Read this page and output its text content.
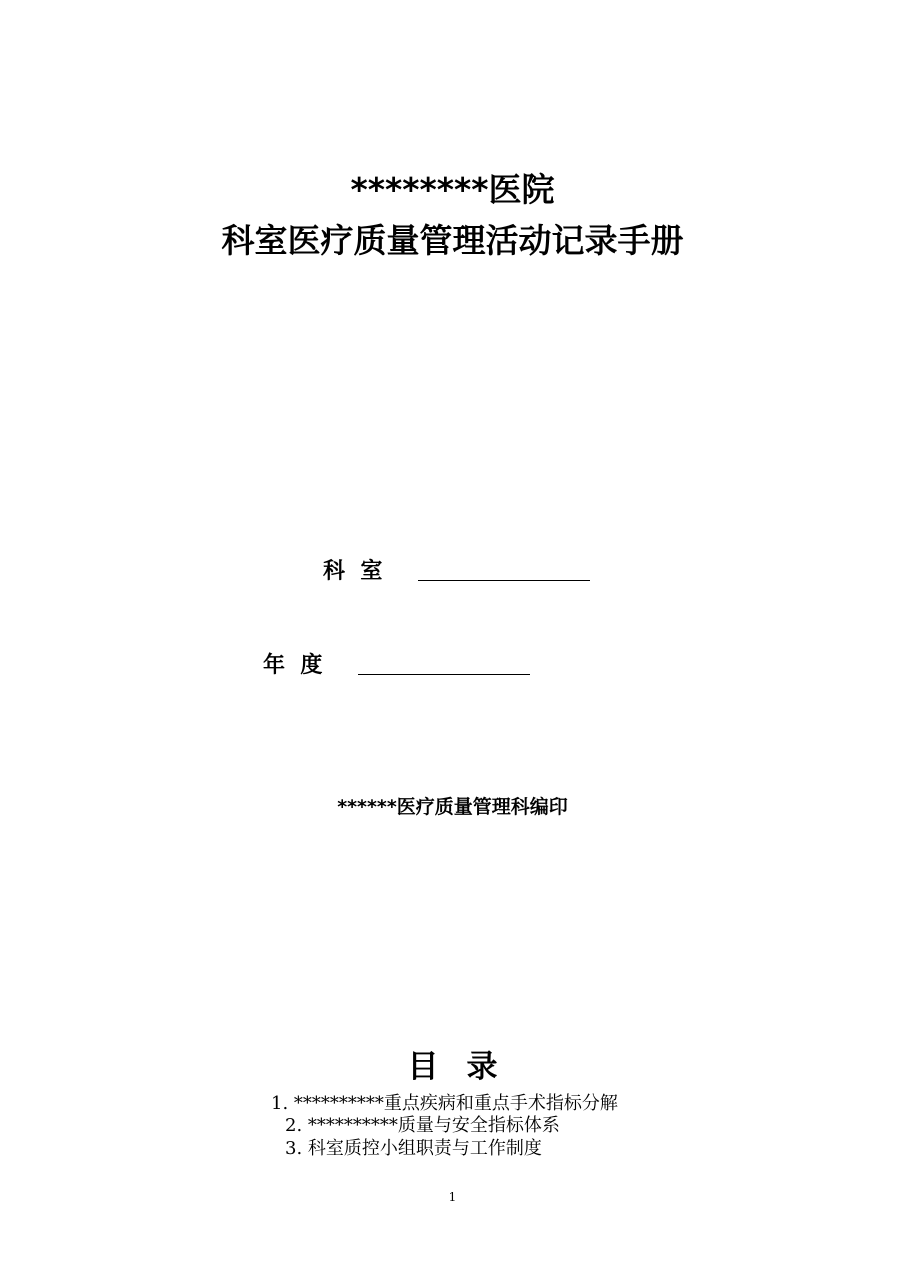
********医院
科室医疗质量管理活动记录手册
科  室
年  度
******医疗质量管理科编印
目录
1. **********重点疾病和重点手术指标分解
2. **********质量与安全指标体系
3. 科室质控小组职责与工作制度
1
